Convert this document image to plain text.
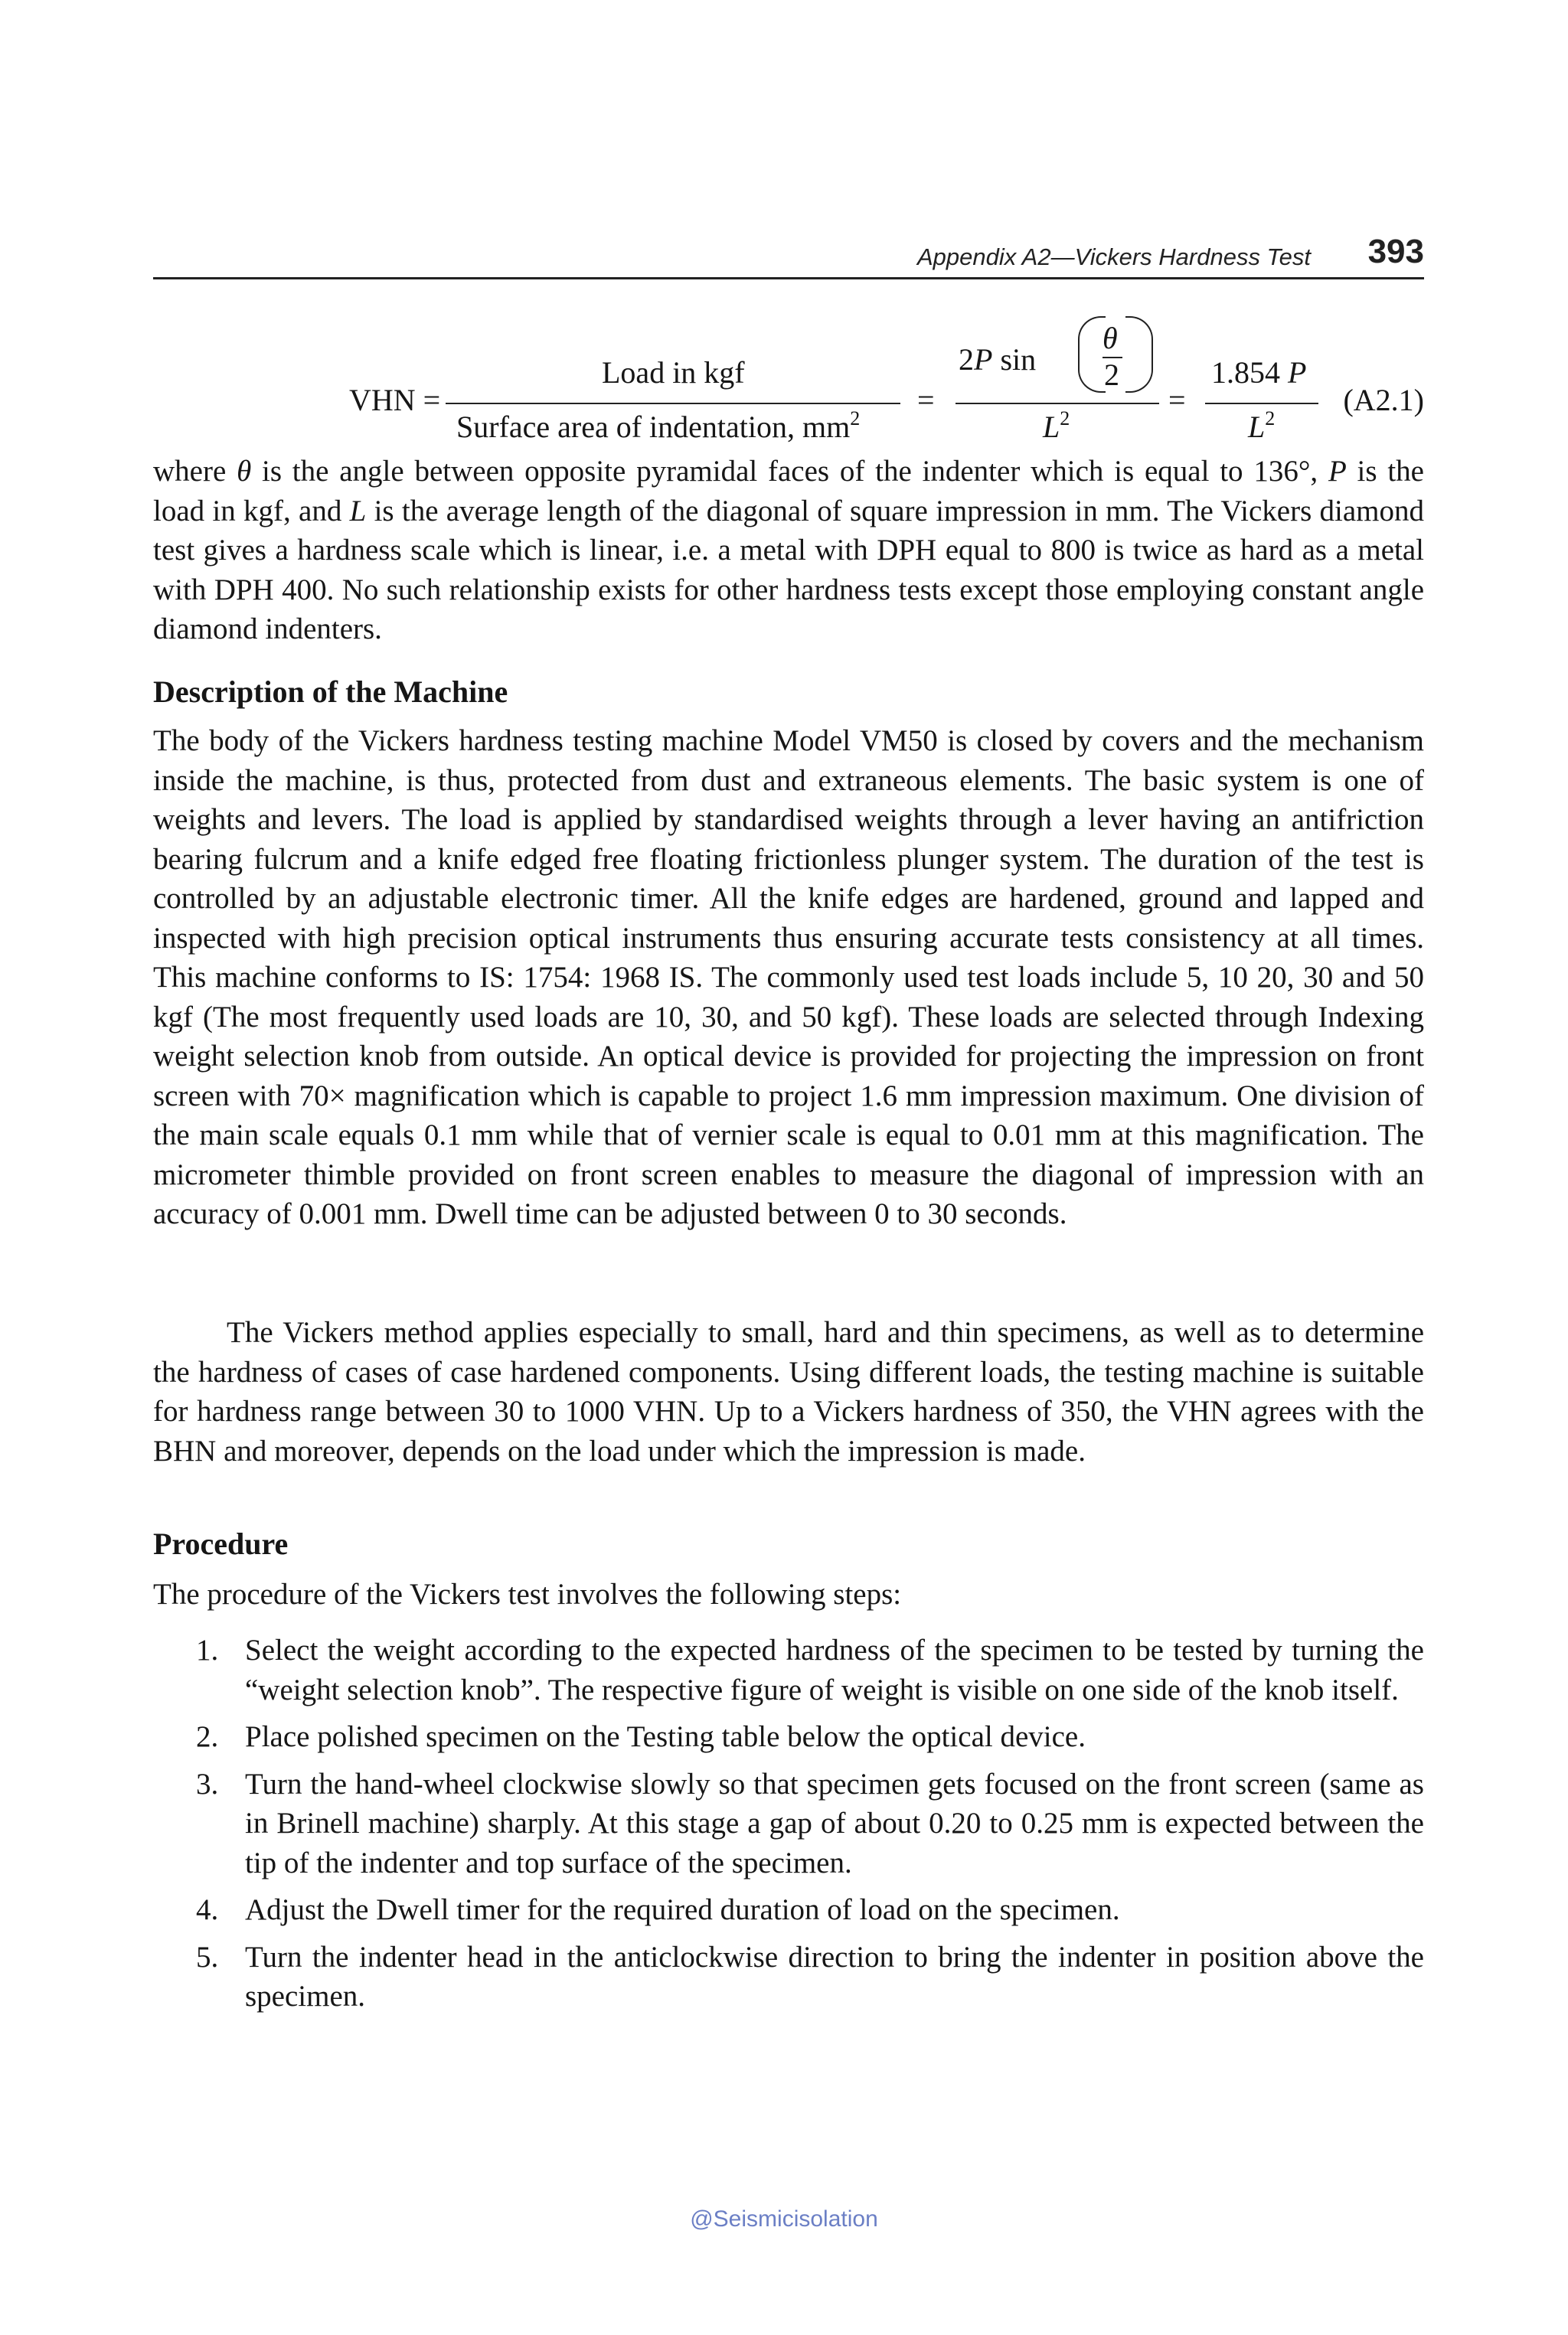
Appendix A2—Vickers Hardness Test 393
VHN =
Load in kgf
Surface area of indentation, $mm^2$
=
2P sin
θ
2
$L^2$
=
1.854 P
$L^2$
(A2.1)
where θ is the angle between opposite pyramidal faces of the indenter which is equal to 136°, P is the load in kgf, and L is the average length of the diagonal of square impression in mm. The Vickers diamond test gives a hardness scale which is linear, i.e. a metal with DPH equal to 800 is twice as hard as a metal with DPH 400. No such relationship exists for other hardness tests except those employing constant angle diamond indenters.
Description of the Machine
The body of the Vickers hardness testing machine Model VM50 is closed by covers and the mechanism inside the machine, is thus, protected from dust and extraneous elements. The basic system is one of weights and levers. The load is applied by standardised weights through a lever having an antifriction bearing fulcrum and a knife edged free floating frictionless plunger system. The duration of the test is controlled by an adjustable electronic timer. All the knife edges are hardened, ground and lapped and inspected with high precision optical instruments thus ensuring accurate tests consistency at all times. This machine conforms to IS: 1754: 1968 IS. The commonly used test loads include 5, 10 20, 30 and 50 kgf (The most frequently used loads are 10, 30, and 50 kgf). These loads are selected through Indexing weight selection knob from outside. An optical device is provided for projecting the impression on front screen with 70× magnification which is capable to project 1.6 mm impression maximum. One division of the main scale equals 0.1 mm while that of vernier scale is equal to 0.01 mm at this magnification. The micrometer thimble provided on front screen enables to measure the diagonal of impression with an accuracy of 0.001 mm. Dwell time can be adjusted between 0 to 30 seconds.
The Vickers method applies especially to small, hard and thin specimens, as well as to determine the hardness of cases of case hardened components. Using different loads, the testing machine is suitable for hardness range between 30 to 1000 VHN. Up to a Vickers hardness of 350, the VHN agrees with the BHN and moreover, depends on the load under which the impression is made.
Procedure
The procedure of the Vickers test involves the following steps:
1. Select the weight according to the expected hardness of the specimen to be tested by turning the “weight selection knob”. The respective figure of weight is visible on one side of the knob itself.
2. Place polished specimen on the Testing table below the optical device.
3. Turn the hand-wheel clockwise slowly so that specimen gets focused on the front screen (same as in Brinell machine) sharply. At this stage a gap of about 0.20 to 0.25 mm is expected between the tip of the indenter and top surface of the specimen.
4. Adjust the Dwell timer for the required duration of load on the specimen.
5. Turn the indenter head in the anticlockwise direction to bring the indenter in position above the specimen.
@Seismicisolation
